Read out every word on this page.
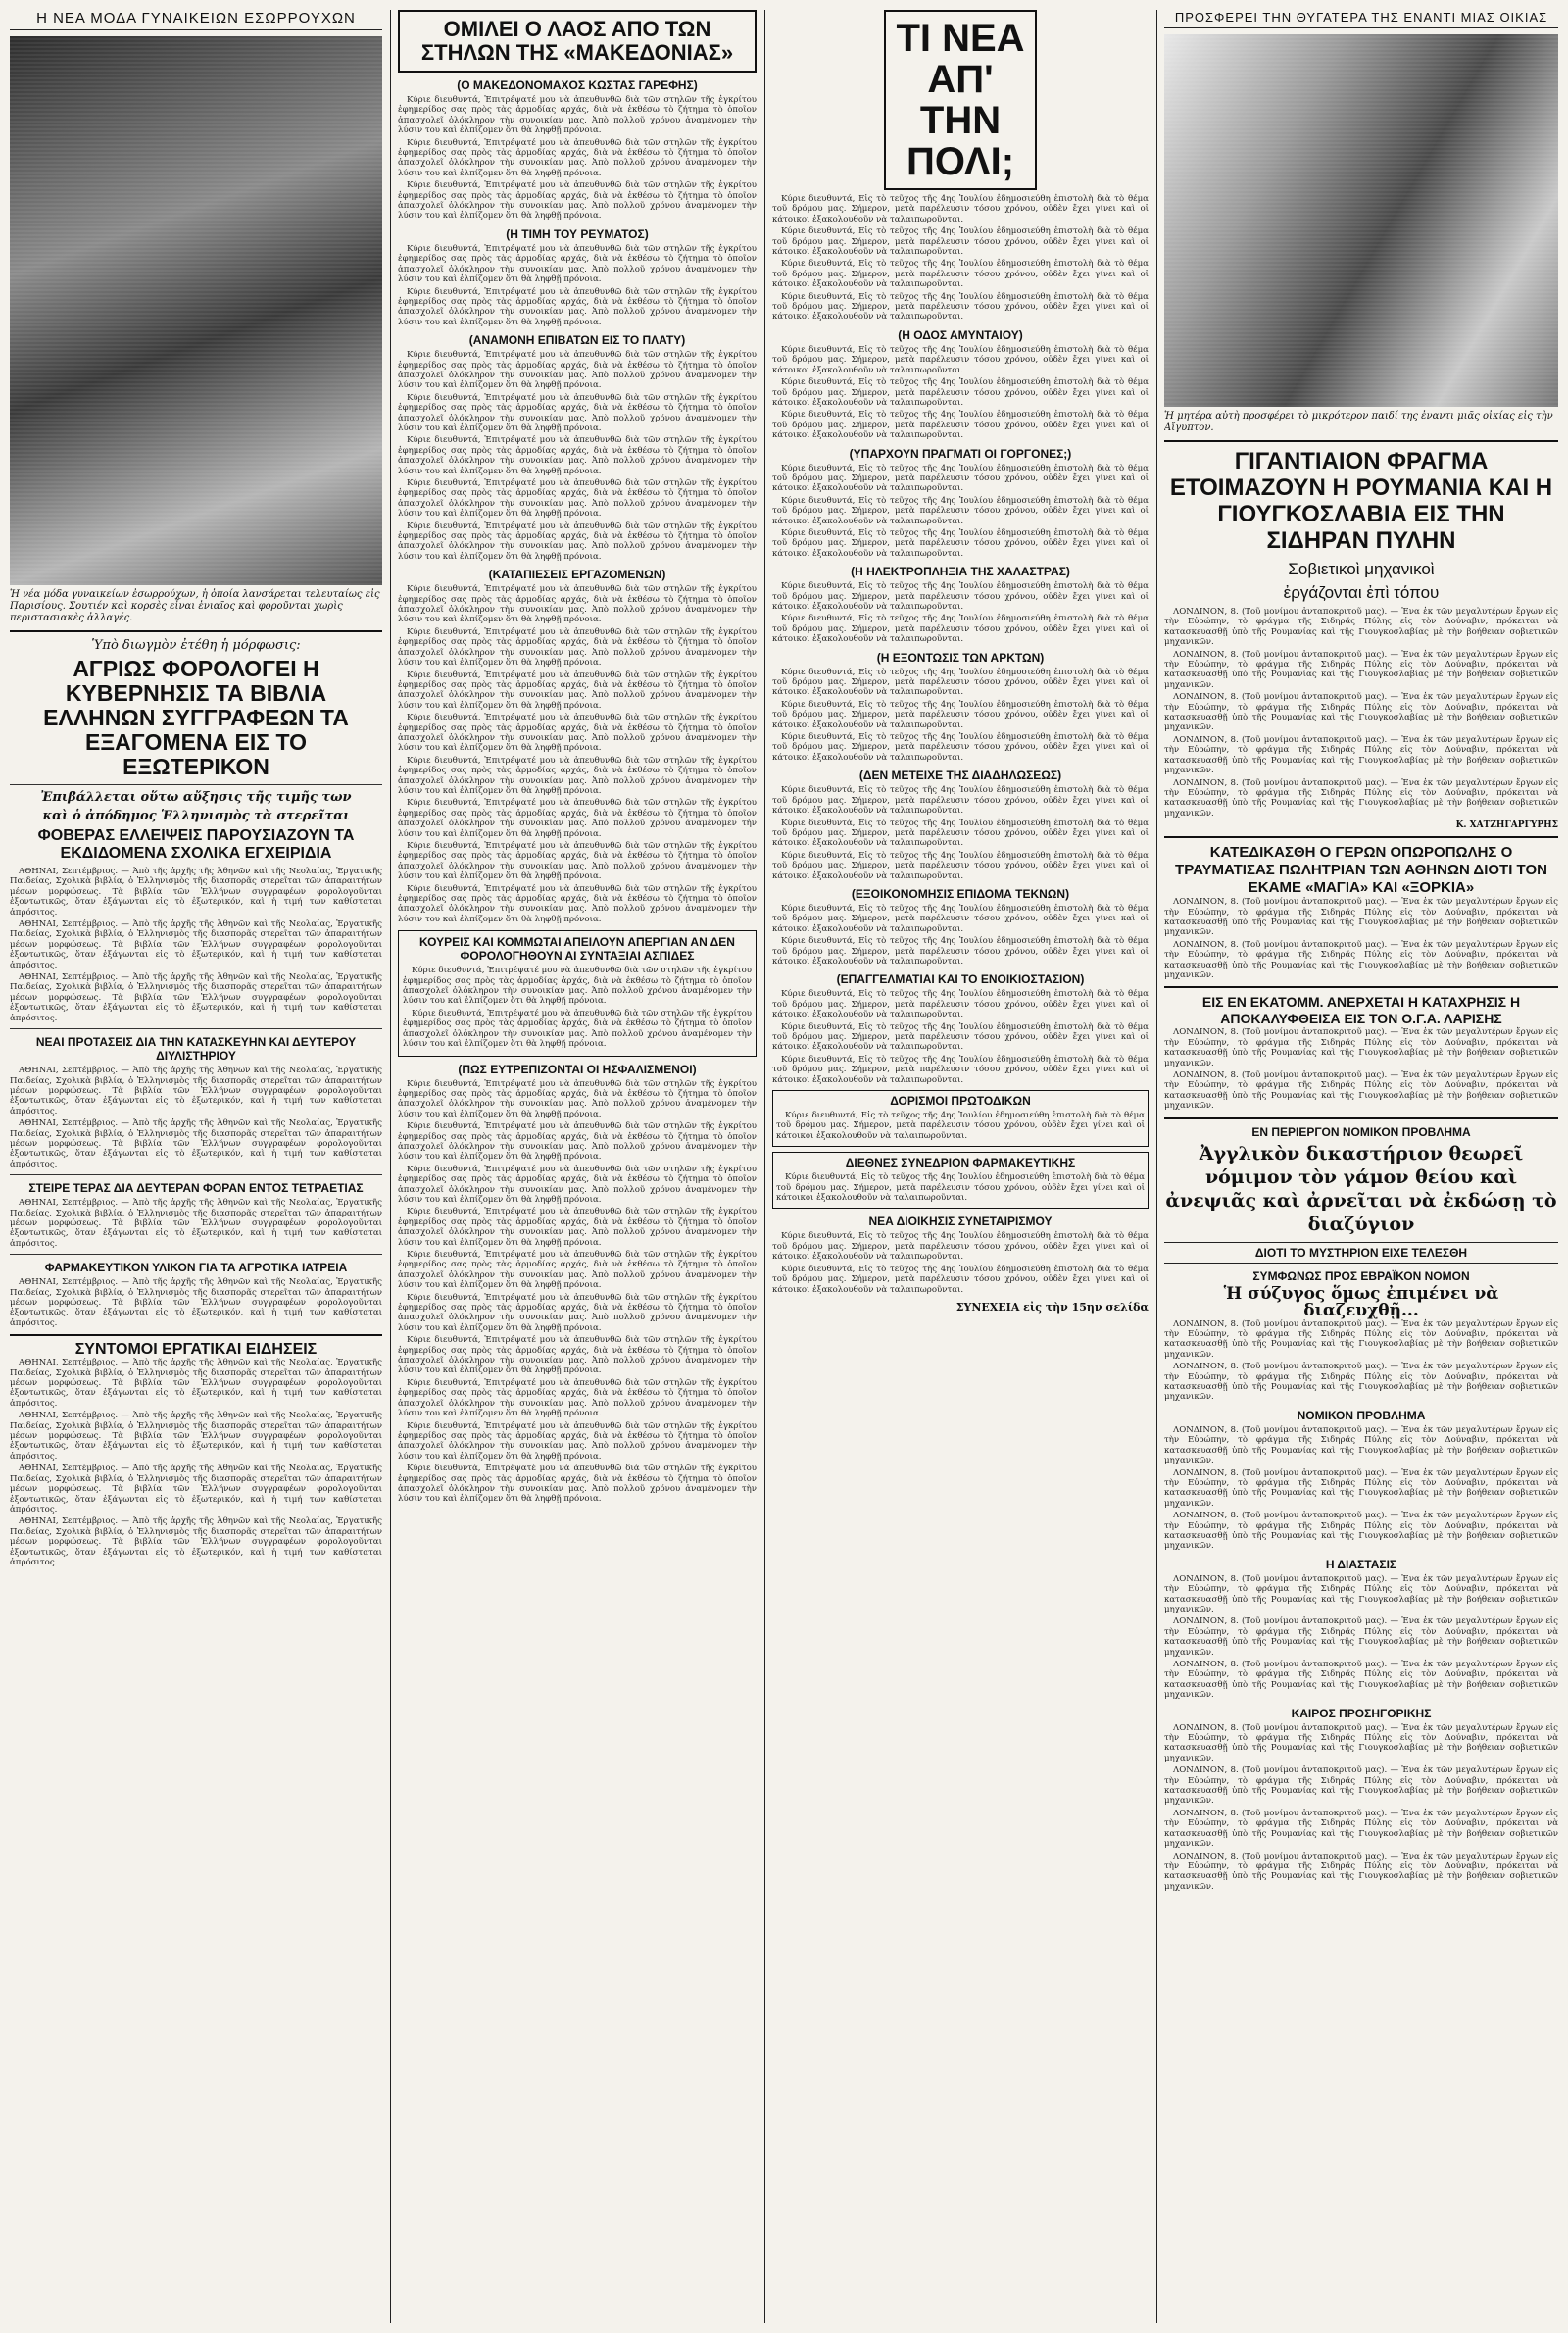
Η ΝΕΑ ΜΟΔΑ ΓΥΝΑΙΚΕΙΩΝ ΕΣΩΡΡΟΥΧΩΝ
Ἡ νέα μόδα γυναικείων ἐσωρρούχων, ἡ ὁποία λανσάρεται τελευταίως εἰς Παρισίους. Σουτιέν καὶ κορσὲς εἶναι ἑνιαῖος καὶ φοροῦνται χωρὶς περιστασιακὲς ἀλλαγές.
Ὑπὸ διωγμὸν ἐτέθη ἡ μόρφωσις:
ΑΓΡΙΩΣ ΦΟΡΟΛΟΓΕΙ Η ΚΥΒΕΡΝΗΣΙΣ ΤΑ ΒΙΒΛΙΑ ΕΛΛΗΝΩΝ ΣΥΓΓΡΑΦΕΩΝ ΤΑ ΕΞΑΓΟΜΕΝΑ ΕΙΣ ΤΟ ΕΞΩΤΕΡΙΚΟΝ
Ἐπιβάλλεται οὕτω αὔξησις τῆς τιμῆς των
καὶ ὁ ἀπόδημος Ἑλληνισμὸς τὰ στερεῖται
ΦΟΒΕΡΑΣ ΕΛΛΕΙΨΕΙΣ ΠΑΡΟΥΣΙΑΖΟΥΝ ΤΑ ΕΚΔΙΔΟΜΕΝΑ ΣΧΟΛΙΚΑ ΕΓΧΕΙΡΙΔΙΑ

ΑΘΗΝΑΙ, Σεπτέμβριος. — Ἀπὸ τῆς ἀρχῆς τῆς Ἀθηνῶν καὶ τῆς Νεολαίας, Ἐργατικῆς Παιδείας, Σχολικὰ βιβλία, ὁ Ἑλληνισμὸς τῆς διασπορᾶς στερεῖται τῶν ἀπαραιτήτων μέσων μορφώσεως. Τὰ βιβλία τῶν Ἑλλήνων συγγραφέων φορολογοῦνται ἐξοντωτικῶς, ὅταν ἐξάγωνται εἰς τὸ ἐξωτερικόν, καὶ ἡ τιμή των καθίσταται ἀπρόσιτος.

ΑΘΗΝΑΙ, Σεπτέμβριος. — Ἀπὸ τῆς ἀρχῆς τῆς Ἀθηνῶν καὶ τῆς Νεολαίας, Ἐργατικῆς Παιδείας, Σχολικὰ βιβλία, ὁ Ἑλληνισμὸς τῆς διασπορᾶς στερεῖται τῶν ἀπαραιτήτων μέσων μορφώσεως. Τὰ βιβλία τῶν Ἑλλήνων συγγραφέων φορολογοῦνται ἐξοντωτικῶς, ὅταν ἐξάγωνται εἰς τὸ ἐξωτερικόν, καὶ ἡ τιμή των καθίσταται ἀπρόσιτος.

ΑΘΗΝΑΙ, Σεπτέμβριος. — Ἀπὸ τῆς ἀρχῆς τῆς Ἀθηνῶν καὶ τῆς Νεολαίας, Ἐργατικῆς Παιδείας, Σχολικὰ βιβλία, ὁ Ἑλληνισμὸς τῆς διασπορᾶς στερεῖται τῶν ἀπαραιτήτων μέσων μορφώσεως. Τὰ βιβλία τῶν Ἑλλήνων συγγραφέων φορολογοῦνται ἐξοντωτικῶς, ὅταν ἐξάγωνται εἰς τὸ ἐξωτερικόν, καὶ ἡ τιμή των καθίσταται ἀπρόσιτος.

ΝΕΑΙ ΠΡΟΤΑΣΕΙΣ ΔΙΑ ΤΗΝ ΚΑΤΑΣΚΕΥΗΝ ΚΑΙ ΔΕΥΤΕΡΟΥ ΔΙΥΛΙΣΤΗΡΙΟΥ

ΑΘΗΝΑΙ, Σεπτέμβριος. — Ἀπὸ τῆς ἀρχῆς τῆς Ἀθηνῶν καὶ τῆς Νεολαίας, Ἐργατικῆς Παιδείας, Σχολικὰ βιβλία, ὁ Ἑλληνισμὸς τῆς διασπορᾶς στερεῖται τῶν ἀπαραιτήτων μέσων μορφώσεως. Τὰ βιβλία τῶν Ἑλλήνων συγγραφέων φορολογοῦνται ἐξοντωτικῶς, ὅταν ἐξάγωνται εἰς τὸ ἐξωτερικόν, καὶ ἡ τιμή των καθίσταται ἀπρόσιτος.

ΑΘΗΝΑΙ, Σεπτέμβριος. — Ἀπὸ τῆς ἀρχῆς τῆς Ἀθηνῶν καὶ τῆς Νεολαίας, Ἐργατικῆς Παιδείας, Σχολικὰ βιβλία, ὁ Ἑλληνισμὸς τῆς διασπορᾶς στερεῖται τῶν ἀπαραιτήτων μέσων μορφώσεως. Τὰ βιβλία τῶν Ἑλλήνων συγγραφέων φορολογοῦνται ἐξοντωτικῶς, ὅταν ἐξάγωνται εἰς τὸ ἐξωτερικόν, καὶ ἡ τιμή των καθίσταται ἀπρόσιτος.

ΣΤΕΙΡΕ ΤΕΡΑΣ ΔΙΑ ΔΕΥΤΕΡΑΝ ΦΟΡΑΝ ΕΝΤΟΣ ΤΕΤΡΑΕΤΙΑΣ

ΑΘΗΝΑΙ, Σεπτέμβριος. — Ἀπὸ τῆς ἀρχῆς τῆς Ἀθηνῶν καὶ τῆς Νεολαίας, Ἐργατικῆς Παιδείας, Σχολικὰ βιβλία, ὁ Ἑλληνισμὸς τῆς διασπορᾶς στερεῖται τῶν ἀπαραιτήτων μέσων μορφώσεως. Τὰ βιβλία τῶν Ἑλλήνων συγγραφέων φορολογοῦνται ἐξοντωτικῶς, ὅταν ἐξάγωνται εἰς τὸ ἐξωτερικόν, καὶ ἡ τιμή των καθίσταται ἀπρόσιτος.

ΦΑΡΜΑΚΕΥΤΙΚΟΝ ΥΛΙΚΟΝ ΓΙΑ ΤΑ ΑΓΡΟΤΙΚΑ ΙΑΤΡΕΙΑ

ΑΘΗΝΑΙ, Σεπτέμβριος. — Ἀπὸ τῆς ἀρχῆς τῆς Ἀθηνῶν καὶ τῆς Νεολαίας, Ἐργατικῆς Παιδείας, Σχολικὰ βιβλία, ὁ Ἑλληνισμὸς τῆς διασπορᾶς στερεῖται τῶν ἀπαραιτήτων μέσων μορφώσεως. Τὰ βιβλία τῶν Ἑλλήνων συγγραφέων φορολογοῦνται ἐξοντωτικῶς, ὅταν ἐξάγωνται εἰς τὸ ἐξωτερικόν, καὶ ἡ τιμή των καθίσταται ἀπρόσιτος.

ΣΥΝΤΟΜΟΙ ΕΡΓΑΤΙΚΑΙ ΕΙΔΗΣΕΙΣ

ΑΘΗΝΑΙ, Σεπτέμβριος. — Ἀπὸ τῆς ἀρχῆς τῆς Ἀθηνῶν καὶ τῆς Νεολαίας, Ἐργατικῆς Παιδείας, Σχολικὰ βιβλία, ὁ Ἑλληνισμὸς τῆς διασπορᾶς στερεῖται τῶν ἀπαραιτήτων μέσων μορφώσεως. Τὰ βιβλία τῶν Ἑλλήνων συγγραφέων φορολογοῦνται ἐξοντωτικῶς, ὅταν ἐξάγωνται εἰς τὸ ἐξωτερικόν, καὶ ἡ τιμή των καθίσταται ἀπρόσιτος.

ΑΘΗΝΑΙ, Σεπτέμβριος. — Ἀπὸ τῆς ἀρχῆς τῆς Ἀθηνῶν καὶ τῆς Νεολαίας, Ἐργατικῆς Παιδείας, Σχολικὰ βιβλία, ὁ Ἑλληνισμὸς τῆς διασπορᾶς στερεῖται τῶν ἀπαραιτήτων μέσων μορφώσεως. Τὰ βιβλία τῶν Ἑλλήνων συγγραφέων φορολογοῦνται ἐξοντωτικῶς, ὅταν ἐξάγωνται εἰς τὸ ἐξωτερικόν, καὶ ἡ τιμή των καθίσταται ἀπρόσιτος.

ΑΘΗΝΑΙ, Σεπτέμβριος. — Ἀπὸ τῆς ἀρχῆς τῆς Ἀθηνῶν καὶ τῆς Νεολαίας, Ἐργατικῆς Παιδείας, Σχολικὰ βιβλία, ὁ Ἑλληνισμὸς τῆς διασπορᾶς στερεῖται τῶν ἀπαραιτήτων μέσων μορφώσεως. Τὰ βιβλία τῶν Ἑλλήνων συγγραφέων φορολογοῦνται ἐξοντωτικῶς, ὅταν ἐξάγωνται εἰς τὸ ἐξωτερικόν, καὶ ἡ τιμή των καθίσταται ἀπρόσιτος.

ΑΘΗΝΑΙ, Σεπτέμβριος. — Ἀπὸ τῆς ἀρχῆς τῆς Ἀθηνῶν καὶ τῆς Νεολαίας, Ἐργατικῆς Παιδείας, Σχολικὰ βιβλία, ὁ Ἑλληνισμὸς τῆς διασπορᾶς στερεῖται τῶν ἀπαραιτήτων μέσων μορφώσεως. Τὰ βιβλία τῶν Ἑλλήνων συγγραφέων φορολογοῦνται ἐξοντωτικῶς, ὅταν ἐξάγωνται εἰς τὸ ἐξωτερικόν, καὶ ἡ τιμή των καθίσταται ἀπρόσιτος.

ΟΜΙΛΕΙ Ο ΛΑΟΣ ΑΠΟ ΤΩΝ ΣΤΗΛΩΝ ΤΗΣ «ΜΑΚΕΔΟΝΙΑΣ»
(Ο ΜΑΚΕΔΟΝΟΜΑΧΟΣ ΚΩΣΤΑΣ ΓΑΡΕΦΗΣ)

Κύριε διευθυντά, Ἐπιτρέψατέ μου νὰ ἀπευθυνθῶ διὰ τῶν στηλῶν τῆς ἐγκρίτου ἐφημερίδος σας πρὸς τὰς ἁρμοδίας ἀρχάς, διὰ νὰ ἐκθέσω τὸ ζήτημα τὸ ὁποῖον ἀπασχολεῖ ὁλόκληρον τὴν συνοικίαν μας. Ἀπὸ πολλοῦ χρόνου ἀναμένομεν τὴν λύσιν του καὶ ἐλπίζομεν ὅτι θὰ ληφθῇ πρόνοια.

Κύριε διευθυντά, Ἐπιτρέψατέ μου νὰ ἀπευθυνθῶ διὰ τῶν στηλῶν τῆς ἐγκρίτου ἐφημερίδος σας πρὸς τὰς ἁρμοδίας ἀρχάς, διὰ νὰ ἐκθέσω τὸ ζήτημα τὸ ὁποῖον ἀπασχολεῖ ὁλόκληρον τὴν συνοικίαν μας. Ἀπὸ πολλοῦ χρόνου ἀναμένομεν τὴν λύσιν του καὶ ἐλπίζομεν ὅτι θὰ ληφθῇ πρόνοια.

Κύριε διευθυντά, Ἐπιτρέψατέ μου νὰ ἀπευθυνθῶ διὰ τῶν στηλῶν τῆς ἐγκρίτου ἐφημερίδος σας πρὸς τὰς ἁρμοδίας ἀρχάς, διὰ νὰ ἐκθέσω τὸ ζήτημα τὸ ὁποῖον ἀπασχολεῖ ὁλόκληρον τὴν συνοικίαν μας. Ἀπὸ πολλοῦ χρόνου ἀναμένομεν τὴν λύσιν του καὶ ἐλπίζομεν ὅτι θὰ ληφθῇ πρόνοια.

(Η ΤΙΜΗ ΤΟΥ ΡΕΥΜΑΤΟΣ)

Κύριε διευθυντά, Ἐπιτρέψατέ μου νὰ ἀπευθυνθῶ διὰ τῶν στηλῶν τῆς ἐγκρίτου ἐφημερίδος σας πρὸς τὰς ἁρμοδίας ἀρχάς, διὰ νὰ ἐκθέσω τὸ ζήτημα τὸ ὁποῖον ἀπασχολεῖ ὁλόκληρον τὴν συνοικίαν μας. Ἀπὸ πολλοῦ χρόνου ἀναμένομεν τὴν λύσιν του καὶ ἐλπίζομεν ὅτι θὰ ληφθῇ πρόνοια.

Κύριε διευθυντά, Ἐπιτρέψατέ μου νὰ ἀπευθυνθῶ διὰ τῶν στηλῶν τῆς ἐγκρίτου ἐφημερίδος σας πρὸς τὰς ἁρμοδίας ἀρχάς, διὰ νὰ ἐκθέσω τὸ ζήτημα τὸ ὁποῖον ἀπασχολεῖ ὁλόκληρον τὴν συνοικίαν μας. Ἀπὸ πολλοῦ χρόνου ἀναμένομεν τὴν λύσιν του καὶ ἐλπίζομεν ὅτι θὰ ληφθῇ πρόνοια.

(ΑΝΑΜΟΝΗ ΕΠΙΒΑΤΩΝ ΕΙΣ ΤΟ ΠΛΑΤΥ)

Κύριε διευθυντά, Ἐπιτρέψατέ μου νὰ ἀπευθυνθῶ διὰ τῶν στηλῶν τῆς ἐγκρίτου ἐφημερίδος σας πρὸς τὰς ἁρμοδίας ἀρχάς, διὰ νὰ ἐκθέσω τὸ ζήτημα τὸ ὁποῖον ἀπασχολεῖ ὁλόκληρον τὴν συνοικίαν μας. Ἀπὸ πολλοῦ χρόνου ἀναμένομεν τὴν λύσιν του καὶ ἐλπίζομεν ὅτι θὰ ληφθῇ πρόνοια.

Κύριε διευθυντά, Ἐπιτρέψατέ μου νὰ ἀπευθυνθῶ διὰ τῶν στηλῶν τῆς ἐγκρίτου ἐφημερίδος σας πρὸς τὰς ἁρμοδίας ἀρχάς, διὰ νὰ ἐκθέσω τὸ ζήτημα τὸ ὁποῖον ἀπασχολεῖ ὁλόκληρον τὴν συνοικίαν μας. Ἀπὸ πολλοῦ χρόνου ἀναμένομεν τὴν λύσιν του καὶ ἐλπίζομεν ὅτι θὰ ληφθῇ πρόνοια.

Κύριε διευθυντά, Ἐπιτρέψατέ μου νὰ ἀπευθυνθῶ διὰ τῶν στηλῶν τῆς ἐγκρίτου ἐφημερίδος σας πρὸς τὰς ἁρμοδίας ἀρχάς, διὰ νὰ ἐκθέσω τὸ ζήτημα τὸ ὁποῖον ἀπασχολεῖ ὁλόκληρον τὴν συνοικίαν μας. Ἀπὸ πολλοῦ χρόνου ἀναμένομεν τὴν λύσιν του καὶ ἐλπίζομεν ὅτι θὰ ληφθῇ πρόνοια.

Κύριε διευθυντά, Ἐπιτρέψατέ μου νὰ ἀπευθυνθῶ διὰ τῶν στηλῶν τῆς ἐγκρίτου ἐφημερίδος σας πρὸς τὰς ἁρμοδίας ἀρχάς, διὰ νὰ ἐκθέσω τὸ ζήτημα τὸ ὁποῖον ἀπασχολεῖ ὁλόκληρον τὴν συνοικίαν μας. Ἀπὸ πολλοῦ χρόνου ἀναμένομεν τὴν λύσιν του καὶ ἐλπίζομεν ὅτι θὰ ληφθῇ πρόνοια.

Κύριε διευθυντά, Ἐπιτρέψατέ μου νὰ ἀπευθυνθῶ διὰ τῶν στηλῶν τῆς ἐγκρίτου ἐφημερίδος σας πρὸς τὰς ἁρμοδίας ἀρχάς, διὰ νὰ ἐκθέσω τὸ ζήτημα τὸ ὁποῖον ἀπασχολεῖ ὁλόκληρον τὴν συνοικίαν μας. Ἀπὸ πολλοῦ χρόνου ἀναμένομεν τὴν λύσιν του καὶ ἐλπίζομεν ὅτι θὰ ληφθῇ πρόνοια.

(ΚΑΤΑΠΙΕΣΕΙΣ ΕΡΓΑΖΟΜΕΝΩΝ)

Κύριε διευθυντά, Ἐπιτρέψατέ μου νὰ ἀπευθυνθῶ διὰ τῶν στηλῶν τῆς ἐγκρίτου ἐφημερίδος σας πρὸς τὰς ἁρμοδίας ἀρχάς, διὰ νὰ ἐκθέσω τὸ ζήτημα τὸ ὁποῖον ἀπασχολεῖ ὁλόκληρον τὴν συνοικίαν μας. Ἀπὸ πολλοῦ χρόνου ἀναμένομεν τὴν λύσιν του καὶ ἐλπίζομεν ὅτι θὰ ληφθῇ πρόνοια.

Κύριε διευθυντά, Ἐπιτρέψατέ μου νὰ ἀπευθυνθῶ διὰ τῶν στηλῶν τῆς ἐγκρίτου ἐφημερίδος σας πρὸς τὰς ἁρμοδίας ἀρχάς, διὰ νὰ ἐκθέσω τὸ ζήτημα τὸ ὁποῖον ἀπασχολεῖ ὁλόκληρον τὴν συνοικίαν μας. Ἀπὸ πολλοῦ χρόνου ἀναμένομεν τὴν λύσιν του καὶ ἐλπίζομεν ὅτι θὰ ληφθῇ πρόνοια.

Κύριε διευθυντά, Ἐπιτρέψατέ μου νὰ ἀπευθυνθῶ διὰ τῶν στηλῶν τῆς ἐγκρίτου ἐφημερίδος σας πρὸς τὰς ἁρμοδίας ἀρχάς, διὰ νὰ ἐκθέσω τὸ ζήτημα τὸ ὁποῖον ἀπασχολεῖ ὁλόκληρον τὴν συνοικίαν μας. Ἀπὸ πολλοῦ χρόνου ἀναμένομεν τὴν λύσιν του καὶ ἐλπίζομεν ὅτι θὰ ληφθῇ πρόνοια.

Κύριε διευθυντά, Ἐπιτρέψατέ μου νὰ ἀπευθυνθῶ διὰ τῶν στηλῶν τῆς ἐγκρίτου ἐφημερίδος σας πρὸς τὰς ἁρμοδίας ἀρχάς, διὰ νὰ ἐκθέσω τὸ ζήτημα τὸ ὁποῖον ἀπασχολεῖ ὁλόκληρον τὴν συνοικίαν μας. Ἀπὸ πολλοῦ χρόνου ἀναμένομεν τὴν λύσιν του καὶ ἐλπίζομεν ὅτι θὰ ληφθῇ πρόνοια.

Κύριε διευθυντά, Ἐπιτρέψατέ μου νὰ ἀπευθυνθῶ διὰ τῶν στηλῶν τῆς ἐγκρίτου ἐφημερίδος σας πρὸς τὰς ἁρμοδίας ἀρχάς, διὰ νὰ ἐκθέσω τὸ ζήτημα τὸ ὁποῖον ἀπασχολεῖ ὁλόκληρον τὴν συνοικίαν μας. Ἀπὸ πολλοῦ χρόνου ἀναμένομεν τὴν λύσιν του καὶ ἐλπίζομεν ὅτι θὰ ληφθῇ πρόνοια.

Κύριε διευθυντά, Ἐπιτρέψατέ μου νὰ ἀπευθυνθῶ διὰ τῶν στηλῶν τῆς ἐγκρίτου ἐφημερίδος σας πρὸς τὰς ἁρμοδίας ἀρχάς, διὰ νὰ ἐκθέσω τὸ ζήτημα τὸ ὁποῖον ἀπασχολεῖ ὁλόκληρον τὴν συνοικίαν μας. Ἀπὸ πολλοῦ χρόνου ἀναμένομεν τὴν λύσιν του καὶ ἐλπίζομεν ὅτι θὰ ληφθῇ πρόνοια.

Κύριε διευθυντά, Ἐπιτρέψατέ μου νὰ ἀπευθυνθῶ διὰ τῶν στηλῶν τῆς ἐγκρίτου ἐφημερίδος σας πρὸς τὰς ἁρμοδίας ἀρχάς, διὰ νὰ ἐκθέσω τὸ ζήτημα τὸ ὁποῖον ἀπασχολεῖ ὁλόκληρον τὴν συνοικίαν μας. Ἀπὸ πολλοῦ χρόνου ἀναμένομεν τὴν λύσιν του καὶ ἐλπίζομεν ὅτι θὰ ληφθῇ πρόνοια.

Κύριε διευθυντά, Ἐπιτρέψατέ μου νὰ ἀπευθυνθῶ διὰ τῶν στηλῶν τῆς ἐγκρίτου ἐφημερίδος σας πρὸς τὰς ἁρμοδίας ἀρχάς, διὰ νὰ ἐκθέσω τὸ ζήτημα τὸ ὁποῖον ἀπασχολεῖ ὁλόκληρον τὴν συνοικίαν μας. Ἀπὸ πολλοῦ χρόνου ἀναμένομεν τὴν λύσιν του καὶ ἐλπίζομεν ὅτι θὰ ληφθῇ πρόνοια.

ΚΟΥΡΕΙΣ ΚΑΙ ΚΟΜΜΩΤΑΙ ΑΠΕΙΛΟΥΝ ΑΠΕΡΓΙΑΝ ΑΝ ΔΕΝ ΦΟΡΟΛΟΓΗΘΟΥΝ ΑΙ ΣΥΝΤΑΞΙΑΙ ΑΣΠΙΔΕΣ

Κύριε διευθυντά, Ἐπιτρέψατέ μου νὰ ἀπευθυνθῶ διὰ τῶν στηλῶν τῆς ἐγκρίτου ἐφημερίδος σας πρὸς τὰς ἁρμοδίας ἀρχάς, διὰ νὰ ἐκθέσω τὸ ζήτημα τὸ ὁποῖον ἀπασχολεῖ ὁλόκληρον τὴν συνοικίαν μας. Ἀπὸ πολλοῦ χρόνου ἀναμένομεν τὴν λύσιν του καὶ ἐλπίζομεν ὅτι θὰ ληφθῇ πρόνοια.

Κύριε διευθυντά, Ἐπιτρέψατέ μου νὰ ἀπευθυνθῶ διὰ τῶν στηλῶν τῆς ἐγκρίτου ἐφημερίδος σας πρὸς τὰς ἁρμοδίας ἀρχάς, διὰ νὰ ἐκθέσω τὸ ζήτημα τὸ ὁποῖον ἀπασχολεῖ ὁλόκληρον τὴν συνοικίαν μας. Ἀπὸ πολλοῦ χρόνου ἀναμένομεν τὴν λύσιν του καὶ ἐλπίζομεν ὅτι θὰ ληφθῇ πρόνοια.

(ΠΩΣ ΕΥΤΡΕΠΙΖΟΝΤΑΙ ΟΙ ΗΣΦΑΛΙΣΜΕΝΟΙ)

Κύριε διευθυντά, Ἐπιτρέψατέ μου νὰ ἀπευθυνθῶ διὰ τῶν στηλῶν τῆς ἐγκρίτου ἐφημερίδος σας πρὸς τὰς ἁρμοδίας ἀρχάς, διὰ νὰ ἐκθέσω τὸ ζήτημα τὸ ὁποῖον ἀπασχολεῖ ὁλόκληρον τὴν συνοικίαν μας. Ἀπὸ πολλοῦ χρόνου ἀναμένομεν τὴν λύσιν του καὶ ἐλπίζομεν ὅτι θὰ ληφθῇ πρόνοια.

Κύριε διευθυντά, Ἐπιτρέψατέ μου νὰ ἀπευθυνθῶ διὰ τῶν στηλῶν τῆς ἐγκρίτου ἐφημερίδος σας πρὸς τὰς ἁρμοδίας ἀρχάς, διὰ νὰ ἐκθέσω τὸ ζήτημα τὸ ὁποῖον ἀπασχολεῖ ὁλόκληρον τὴν συνοικίαν μας. Ἀπὸ πολλοῦ χρόνου ἀναμένομεν τὴν λύσιν του καὶ ἐλπίζομεν ὅτι θὰ ληφθῇ πρόνοια.

Κύριε διευθυντά, Ἐπιτρέψατέ μου νὰ ἀπευθυνθῶ διὰ τῶν στηλῶν τῆς ἐγκρίτου ἐφημερίδος σας πρὸς τὰς ἁρμοδίας ἀρχάς, διὰ νὰ ἐκθέσω τὸ ζήτημα τὸ ὁποῖον ἀπασχολεῖ ὁλόκληρον τὴν συνοικίαν μας. Ἀπὸ πολλοῦ χρόνου ἀναμένομεν τὴν λύσιν του καὶ ἐλπίζομεν ὅτι θὰ ληφθῇ πρόνοια.

Κύριε διευθυντά, Ἐπιτρέψατέ μου νὰ ἀπευθυνθῶ διὰ τῶν στηλῶν τῆς ἐγκρίτου ἐφημερίδος σας πρὸς τὰς ἁρμοδίας ἀρχάς, διὰ νὰ ἐκθέσω τὸ ζήτημα τὸ ὁποῖον ἀπασχολεῖ ὁλόκληρον τὴν συνοικίαν μας. Ἀπὸ πολλοῦ χρόνου ἀναμένομεν τὴν λύσιν του καὶ ἐλπίζομεν ὅτι θὰ ληφθῇ πρόνοια.

Κύριε διευθυντά, Ἐπιτρέψατέ μου νὰ ἀπευθυνθῶ διὰ τῶν στηλῶν τῆς ἐγκρίτου ἐφημερίδος σας πρὸς τὰς ἁρμοδίας ἀρχάς, διὰ νὰ ἐκθέσω τὸ ζήτημα τὸ ὁποῖον ἀπασχολεῖ ὁλόκληρον τὴν συνοικίαν μας. Ἀπὸ πολλοῦ χρόνου ἀναμένομεν τὴν λύσιν του καὶ ἐλπίζομεν ὅτι θὰ ληφθῇ πρόνοια.

Κύριε διευθυντά, Ἐπιτρέψατέ μου νὰ ἀπευθυνθῶ διὰ τῶν στηλῶν τῆς ἐγκρίτου ἐφημερίδος σας πρὸς τὰς ἁρμοδίας ἀρχάς, διὰ νὰ ἐκθέσω τὸ ζήτημα τὸ ὁποῖον ἀπασχολεῖ ὁλόκληρον τὴν συνοικίαν μας. Ἀπὸ πολλοῦ χρόνου ἀναμένομεν τὴν λύσιν του καὶ ἐλπίζομεν ὅτι θὰ ληφθῇ πρόνοια.

Κύριε διευθυντά, Ἐπιτρέψατέ μου νὰ ἀπευθυνθῶ διὰ τῶν στηλῶν τῆς ἐγκρίτου ἐφημερίδος σας πρὸς τὰς ἁρμοδίας ἀρχάς, διὰ νὰ ἐκθέσω τὸ ζήτημα τὸ ὁποῖον ἀπασχολεῖ ὁλόκληρον τὴν συνοικίαν μας. Ἀπὸ πολλοῦ χρόνου ἀναμένομεν τὴν λύσιν του καὶ ἐλπίζομεν ὅτι θὰ ληφθῇ πρόνοια.

Κύριε διευθυντά, Ἐπιτρέψατέ μου νὰ ἀπευθυνθῶ διὰ τῶν στηλῶν τῆς ἐγκρίτου ἐφημερίδος σας πρὸς τὰς ἁρμοδίας ἀρχάς, διὰ νὰ ἐκθέσω τὸ ζήτημα τὸ ὁποῖον ἀπασχολεῖ ὁλόκληρον τὴν συνοικίαν μας. Ἀπὸ πολλοῦ χρόνου ἀναμένομεν τὴν λύσιν του καὶ ἐλπίζομεν ὅτι θὰ ληφθῇ πρόνοια.

Κύριε διευθυντά, Ἐπιτρέψατέ μου νὰ ἀπευθυνθῶ διὰ τῶν στηλῶν τῆς ἐγκρίτου ἐφημερίδος σας πρὸς τὰς ἁρμοδίας ἀρχάς, διὰ νὰ ἐκθέσω τὸ ζήτημα τὸ ὁποῖον ἀπασχολεῖ ὁλόκληρον τὴν συνοικίαν μας. Ἀπὸ πολλοῦ χρόνου ἀναμένομεν τὴν λύσιν του καὶ ἐλπίζομεν ὅτι θὰ ληφθῇ πρόνοια.

Κύριε διευθυντά, Ἐπιτρέψατέ μου νὰ ἀπευθυνθῶ διὰ τῶν στηλῶν τῆς ἐγκρίτου ἐφημερίδος σας πρὸς τὰς ἁρμοδίας ἀρχάς, διὰ νὰ ἐκθέσω τὸ ζήτημα τὸ ὁποῖον ἀπασχολεῖ ὁλόκληρον τὴν συνοικίαν μας. Ἀπὸ πολλοῦ χρόνου ἀναμένομεν τὴν λύσιν του καὶ ἐλπίζομεν ὅτι θὰ ληφθῇ πρόνοια.

ΤΙ ΝΕΑ ΑΠ' ΤΗΝ ΠΟΛΙ;

Κύριε διευθυντά, Εἰς τὸ τεῦχος τῆς 4ης Ἰουλίου ἐδημοσιεύθη ἐπιστολὴ διὰ τὸ θέμα τοῦ δρόμου μας. Σήμερον, μετὰ παρέλευσιν τόσου χρόνου, οὐδὲν ἔχει γίνει καὶ οἱ κάτοικοι ἐξακολουθοῦν νὰ ταλαιπωροῦνται.

Κύριε διευθυντά, Εἰς τὸ τεῦχος τῆς 4ης Ἰουλίου ἐδημοσιεύθη ἐπιστολὴ διὰ τὸ θέμα τοῦ δρόμου μας. Σήμερον, μετὰ παρέλευσιν τόσου χρόνου, οὐδὲν ἔχει γίνει καὶ οἱ κάτοικοι ἐξακολουθοῦν νὰ ταλαιπωροῦνται.

Κύριε διευθυντά, Εἰς τὸ τεῦχος τῆς 4ης Ἰουλίου ἐδημοσιεύθη ἐπιστολὴ διὰ τὸ θέμα τοῦ δρόμου μας. Σήμερον, μετὰ παρέλευσιν τόσου χρόνου, οὐδὲν ἔχει γίνει καὶ οἱ κάτοικοι ἐξακολουθοῦν νὰ ταλαιπωροῦνται.

Κύριε διευθυντά, Εἰς τὸ τεῦχος τῆς 4ης Ἰουλίου ἐδημοσιεύθη ἐπιστολὴ διὰ τὸ θέμα τοῦ δρόμου μας. Σήμερον, μετὰ παρέλευσιν τόσου χρόνου, οὐδὲν ἔχει γίνει καὶ οἱ κάτοικοι ἐξακολουθοῦν νὰ ταλαιπωροῦνται.

(Η ΟΔΟΣ ΑΜΥΝΤΑΙΟΥ)

Κύριε διευθυντά, Εἰς τὸ τεῦχος τῆς 4ης Ἰουλίου ἐδημοσιεύθη ἐπιστολὴ διὰ τὸ θέμα τοῦ δρόμου μας. Σήμερον, μετὰ παρέλευσιν τόσου χρόνου, οὐδὲν ἔχει γίνει καὶ οἱ κάτοικοι ἐξακολουθοῦν νὰ ταλαιπωροῦνται.

Κύριε διευθυντά, Εἰς τὸ τεῦχος τῆς 4ης Ἰουλίου ἐδημοσιεύθη ἐπιστολὴ διὰ τὸ θέμα τοῦ δρόμου μας. Σήμερον, μετὰ παρέλευσιν τόσου χρόνου, οὐδὲν ἔχει γίνει καὶ οἱ κάτοικοι ἐξακολουθοῦν νὰ ταλαιπωροῦνται.

Κύριε διευθυντά, Εἰς τὸ τεῦχος τῆς 4ης Ἰουλίου ἐδημοσιεύθη ἐπιστολὴ διὰ τὸ θέμα τοῦ δρόμου μας. Σήμερον, μετὰ παρέλευσιν τόσου χρόνου, οὐδὲν ἔχει γίνει καὶ οἱ κάτοικοι ἐξακολουθοῦν νὰ ταλαιπωροῦνται.

(ΥΠΑΡΧΟΥΝ ΠΡΑΓΜΑΤΙ ΟΙ ΓΟΡΓΟΝΕΣ;)

Κύριε διευθυντά, Εἰς τὸ τεῦχος τῆς 4ης Ἰουλίου ἐδημοσιεύθη ἐπιστολὴ διὰ τὸ θέμα τοῦ δρόμου μας. Σήμερον, μετὰ παρέλευσιν τόσου χρόνου, οὐδὲν ἔχει γίνει καὶ οἱ κάτοικοι ἐξακολουθοῦν νὰ ταλαιπωροῦνται.

Κύριε διευθυντά, Εἰς τὸ τεῦχος τῆς 4ης Ἰουλίου ἐδημοσιεύθη ἐπιστολὴ διὰ τὸ θέμα τοῦ δρόμου μας. Σήμερον, μετὰ παρέλευσιν τόσου χρόνου, οὐδὲν ἔχει γίνει καὶ οἱ κάτοικοι ἐξακολουθοῦν νὰ ταλαιπωροῦνται.

Κύριε διευθυντά, Εἰς τὸ τεῦχος τῆς 4ης Ἰουλίου ἐδημοσιεύθη ἐπιστολὴ διὰ τὸ θέμα τοῦ δρόμου μας. Σήμερον, μετὰ παρέλευσιν τόσου χρόνου, οὐδὲν ἔχει γίνει καὶ οἱ κάτοικοι ἐξακολουθοῦν νὰ ταλαιπωροῦνται.

(Η ΗΛΕΚΤΡΟΠΛΗΞΙΑ ΤΗΣ ΧΑΛΑΣΤΡΑΣ)

Κύριε διευθυντά, Εἰς τὸ τεῦχος τῆς 4ης Ἰουλίου ἐδημοσιεύθη ἐπιστολὴ διὰ τὸ θέμα τοῦ δρόμου μας. Σήμερον, μετὰ παρέλευσιν τόσου χρόνου, οὐδὲν ἔχει γίνει καὶ οἱ κάτοικοι ἐξακολουθοῦν νὰ ταλαιπωροῦνται.

Κύριε διευθυντά, Εἰς τὸ τεῦχος τῆς 4ης Ἰουλίου ἐδημοσιεύθη ἐπιστολὴ διὰ τὸ θέμα τοῦ δρόμου μας. Σήμερον, μετὰ παρέλευσιν τόσου χρόνου, οὐδὲν ἔχει γίνει καὶ οἱ κάτοικοι ἐξακολουθοῦν νὰ ταλαιπωροῦνται.

(Η ΕΞΟΝΤΩΣΙΣ ΤΩΝ ΑΡΚΤΩΝ)

Κύριε διευθυντά, Εἰς τὸ τεῦχος τῆς 4ης Ἰουλίου ἐδημοσιεύθη ἐπιστολὴ διὰ τὸ θέμα τοῦ δρόμου μας. Σήμερον, μετὰ παρέλευσιν τόσου χρόνου, οὐδὲν ἔχει γίνει καὶ οἱ κάτοικοι ἐξακολουθοῦν νὰ ταλαιπωροῦνται.

Κύριε διευθυντά, Εἰς τὸ τεῦχος τῆς 4ης Ἰουλίου ἐδημοσιεύθη ἐπιστολὴ διὰ τὸ θέμα τοῦ δρόμου μας. Σήμερον, μετὰ παρέλευσιν τόσου χρόνου, οὐδὲν ἔχει γίνει καὶ οἱ κάτοικοι ἐξακολουθοῦν νὰ ταλαιπωροῦνται.

Κύριε διευθυντά, Εἰς τὸ τεῦχος τῆς 4ης Ἰουλίου ἐδημοσιεύθη ἐπιστολὴ διὰ τὸ θέμα τοῦ δρόμου μας. Σήμερον, μετὰ παρέλευσιν τόσου χρόνου, οὐδὲν ἔχει γίνει καὶ οἱ κάτοικοι ἐξακολουθοῦν νὰ ταλαιπωροῦνται.

(ΔΕΝ ΜΕΤΕΙΧΕ ΤΗΣ ΔΙΑΔΗΛΩΣΕΩΣ)

Κύριε διευθυντά, Εἰς τὸ τεῦχος τῆς 4ης Ἰουλίου ἐδημοσιεύθη ἐπιστολὴ διὰ τὸ θέμα τοῦ δρόμου μας. Σήμερον, μετὰ παρέλευσιν τόσου χρόνου, οὐδὲν ἔχει γίνει καὶ οἱ κάτοικοι ἐξακολουθοῦν νὰ ταλαιπωροῦνται.

Κύριε διευθυντά, Εἰς τὸ τεῦχος τῆς 4ης Ἰουλίου ἐδημοσιεύθη ἐπιστολὴ διὰ τὸ θέμα τοῦ δρόμου μας. Σήμερον, μετὰ παρέλευσιν τόσου χρόνου, οὐδὲν ἔχει γίνει καὶ οἱ κάτοικοι ἐξακολουθοῦν νὰ ταλαιπωροῦνται.

Κύριε διευθυντά, Εἰς τὸ τεῦχος τῆς 4ης Ἰουλίου ἐδημοσιεύθη ἐπιστολὴ διὰ τὸ θέμα τοῦ δρόμου μας. Σήμερον, μετὰ παρέλευσιν τόσου χρόνου, οὐδὲν ἔχει γίνει καὶ οἱ κάτοικοι ἐξακολουθοῦν νὰ ταλαιπωροῦνται.

(ΕΞΟΙΚΟΝΟΜΗΣΙΣ ΕΠΙΔΟΜΑ ΤΕΚΝΩΝ)

Κύριε διευθυντά, Εἰς τὸ τεῦχος τῆς 4ης Ἰουλίου ἐδημοσιεύθη ἐπιστολὴ διὰ τὸ θέμα τοῦ δρόμου μας. Σήμερον, μετὰ παρέλευσιν τόσου χρόνου, οὐδὲν ἔχει γίνει καὶ οἱ κάτοικοι ἐξακολουθοῦν νὰ ταλαιπωροῦνται.

Κύριε διευθυντά, Εἰς τὸ τεῦχος τῆς 4ης Ἰουλίου ἐδημοσιεύθη ἐπιστολὴ διὰ τὸ θέμα τοῦ δρόμου μας. Σήμερον, μετὰ παρέλευσιν τόσου χρόνου, οὐδὲν ἔχει γίνει καὶ οἱ κάτοικοι ἐξακολουθοῦν νὰ ταλαιπωροῦνται.

(ΕΠΑΓΓΕΛΜΑΤΙΑΙ ΚΑΙ ΤΟ ΕΝΟΙΚΙΟΣΤΑΣΙΟΝ)

Κύριε διευθυντά, Εἰς τὸ τεῦχος τῆς 4ης Ἰουλίου ἐδημοσιεύθη ἐπιστολὴ διὰ τὸ θέμα τοῦ δρόμου μας. Σήμερον, μετὰ παρέλευσιν τόσου χρόνου, οὐδὲν ἔχει γίνει καὶ οἱ κάτοικοι ἐξακολουθοῦν νὰ ταλαιπωροῦνται.

Κύριε διευθυντά, Εἰς τὸ τεῦχος τῆς 4ης Ἰουλίου ἐδημοσιεύθη ἐπιστολὴ διὰ τὸ θέμα τοῦ δρόμου μας. Σήμερον, μετὰ παρέλευσιν τόσου χρόνου, οὐδὲν ἔχει γίνει καὶ οἱ κάτοικοι ἐξακολουθοῦν νὰ ταλαιπωροῦνται.

Κύριε διευθυντά, Εἰς τὸ τεῦχος τῆς 4ης Ἰουλίου ἐδημοσιεύθη ἐπιστολὴ διὰ τὸ θέμα τοῦ δρόμου μας. Σήμερον, μετὰ παρέλευσιν τόσου χρόνου, οὐδὲν ἔχει γίνει καὶ οἱ κάτοικοι ἐξακολουθοῦν νὰ ταλαιπωροῦνται.

ΔΟΡΙΣΜΟΙ ΠΡΩΤΟΔΙΚΩΝ

Κύριε διευθυντά, Εἰς τὸ τεῦχος τῆς 4ης Ἰουλίου ἐδημοσιεύθη ἐπιστολὴ διὰ τὸ θέμα τοῦ δρόμου μας. Σήμερον, μετὰ παρέλευσιν τόσου χρόνου, οὐδὲν ἔχει γίνει καὶ οἱ κάτοικοι ἐξακολουθοῦν νὰ ταλαιπωροῦνται.

ΔΙΕΘΝΕΣ ΣΥΝΕΔΡΙΟΝ ΦΑΡΜΑΚΕΥΤΙΚΗΣ

Κύριε διευθυντά, Εἰς τὸ τεῦχος τῆς 4ης Ἰουλίου ἐδημοσιεύθη ἐπιστολὴ διὰ τὸ θέμα τοῦ δρόμου μας. Σήμερον, μετὰ παρέλευσιν τόσου χρόνου, οὐδὲν ἔχει γίνει καὶ οἱ κάτοικοι ἐξακολουθοῦν νὰ ταλαιπωροῦνται.

ΝΕΑ ΔΙΟΙΚΗΣΙΣ ΣΥΝΕΤΑΙΡΙΣΜΟΥ

Κύριε διευθυντά, Εἰς τὸ τεῦχος τῆς 4ης Ἰουλίου ἐδημοσιεύθη ἐπιστολὴ διὰ τὸ θέμα τοῦ δρόμου μας. Σήμερον, μετὰ παρέλευσιν τόσου χρόνου, οὐδὲν ἔχει γίνει καὶ οἱ κάτοικοι ἐξακολουθοῦν νὰ ταλαιπωροῦνται.

Κύριε διευθυντά, Εἰς τὸ τεῦχος τῆς 4ης Ἰουλίου ἐδημοσιεύθη ἐπιστολὴ διὰ τὸ θέμα τοῦ δρόμου μας. Σήμερον, μετὰ παρέλευσιν τόσου χρόνου, οὐδὲν ἔχει γίνει καὶ οἱ κάτοικοι ἐξακολουθοῦν νὰ ταλαιπωροῦνται.

ΣΥΝΕΧΕΙΑ εἰς τὴν 15ην σελίδα
ΠΡΟΣΦΕΡΕΙ ΤΗΝ ΘΥΓΑΤΕΡΑ ΤΗΣ ΕΝΑΝΤΙ ΜΙΑΣ ΟΙΚΙΑΣ
Ἡ μητέρα αὐτὴ προσφέρει τὸ μικρότερον παιδί της ἐναντι μιᾶς οἰκίας εἰς τὴν Αἴγυπτον.
ΓΙΓΑΝΤΙΑΙΟΝ ΦΡΑΓΜΑ ΕΤΟΙΜΑΖΟΥΝ Η ΡΟΥΜΑΝΙΑ ΚΑΙ Η ΓΙΟΥΓΚΟΣΛΑΒΙΑ ΕΙΣ ΤΗΝ ΣΙΔΗΡΑΝ ΠΥΛΗΝ
Σοβιετικοὶ μηχανικοὶ
ἐργάζονται ἐπὶ τόπου

ΛΟΝΔΙΝΟΝ, 8. (Τοῦ μονίμου ἀνταποκριτοῦ μας). — Ἐνα ἐκ τῶν μεγαλυτέρων ἔργων εἰς τὴν Εὐρώπην, τὸ φράγμα τῆς Σιδηρᾶς Πύλης εἰς τὸν Δούναβιν, πρόκειται νὰ κατασκευασθῇ ὑπὸ τῆς Ρουμανίας καὶ τῆς Γιουγκοσλαβίας μὲ τὴν βοήθειαν σοβιετικῶν μηχανικῶν.

ΛΟΝΔΙΝΟΝ, 8. (Τοῦ μονίμου ἀνταποκριτοῦ μας). — Ἐνα ἐκ τῶν μεγαλυτέρων ἔργων εἰς τὴν Εὐρώπην, τὸ φράγμα τῆς Σιδηρᾶς Πύλης εἰς τὸν Δούναβιν, πρόκειται νὰ κατασκευασθῇ ὑπὸ τῆς Ρουμανίας καὶ τῆς Γιουγκοσλαβίας μὲ τὴν βοήθειαν σοβιετικῶν μηχανικῶν.

ΛΟΝΔΙΝΟΝ, 8. (Τοῦ μονίμου ἀνταποκριτοῦ μας). — Ἐνα ἐκ τῶν μεγαλυτέρων ἔργων εἰς τὴν Εὐρώπην, τὸ φράγμα τῆς Σιδηρᾶς Πύλης εἰς τὸν Δούναβιν, πρόκειται νὰ κατασκευασθῇ ὑπὸ τῆς Ρουμανίας καὶ τῆς Γιουγκοσλαβίας μὲ τὴν βοήθειαν σοβιετικῶν μηχανικῶν.

ΛΟΝΔΙΝΟΝ, 8. (Τοῦ μονίμου ἀνταποκριτοῦ μας). — Ἐνα ἐκ τῶν μεγαλυτέρων ἔργων εἰς τὴν Εὐρώπην, τὸ φράγμα τῆς Σιδηρᾶς Πύλης εἰς τὸν Δούναβιν, πρόκειται νὰ κατασκευασθῇ ὑπὸ τῆς Ρουμανίας καὶ τῆς Γιουγκοσλαβίας μὲ τὴν βοήθειαν σοβιετικῶν μηχανικῶν.

ΛΟΝΔΙΝΟΝ, 8. (Τοῦ μονίμου ἀνταποκριτοῦ μας). — Ἐνα ἐκ τῶν μεγαλυτέρων ἔργων εἰς τὴν Εὐρώπην, τὸ φράγμα τῆς Σιδηρᾶς Πύλης εἰς τὸν Δούναβιν, πρόκειται νὰ κατασκευασθῇ ὑπὸ τῆς Ρουμανίας καὶ τῆς Γιουγκοσλαβίας μὲ τὴν βοήθειαν σοβιετικῶν μηχανικῶν.

Κ. ΧΑΤΖΗΓΑΡΓΥΡΗΣ
ΚΑΤΕΔΙΚΑΣΘΗ Ο ΓΕΡΩΝ ΟΠΩΡΟΠΩΛΗΣ Ο ΤΡΑΥΜΑΤΙΣΑΣ ΠΩΛΗΤΡΙΑΝ ΤΩΝ ΑΘΗΝΩΝ ΔΙΟΤΙ ΤΟΝ ΕΚΑΜΕ «ΜΑΓΙΑ» ΚΑΙ «ΞΟΡΚΙΑ»

ΛΟΝΔΙΝΟΝ, 8. (Τοῦ μονίμου ἀνταποκριτοῦ μας). — Ἐνα ἐκ τῶν μεγαλυτέρων ἔργων εἰς τὴν Εὐρώπην, τὸ φράγμα τῆς Σιδηρᾶς Πύλης εἰς τὸν Δούναβιν, πρόκειται νὰ κατασκευασθῇ ὑπὸ τῆς Ρουμανίας καὶ τῆς Γιουγκοσλαβίας μὲ τὴν βοήθειαν σοβιετικῶν μηχανικῶν.

ΛΟΝΔΙΝΟΝ, 8. (Τοῦ μονίμου ἀνταποκριτοῦ μας). — Ἐνα ἐκ τῶν μεγαλυτέρων ἔργων εἰς τὴν Εὐρώπην, τὸ φράγμα τῆς Σιδηρᾶς Πύλης εἰς τὸν Δούναβιν, πρόκειται νὰ κατασκευασθῇ ὑπὸ τῆς Ρουμανίας καὶ τῆς Γιουγκοσλαβίας μὲ τὴν βοήθειαν σοβιετικῶν μηχανικῶν.

ΕΙΣ ΕΝ ΕΚΑΤΟΜΜ. ΑΝΕΡΧΕΤΑΙ Η ΚΑΤΑΧΡΗΣΙΣ Η ΑΠΟΚΑΛΥΦΘΕΙΣΑ ΕΙΣ ΤΟΝ Ο.Γ.Α. ΛΑΡΙΣΗΣ

ΛΟΝΔΙΝΟΝ, 8. (Τοῦ μονίμου ἀνταποκριτοῦ μας). — Ἐνα ἐκ τῶν μεγαλυτέρων ἔργων εἰς τὴν Εὐρώπην, τὸ φράγμα τῆς Σιδηρᾶς Πύλης εἰς τὸν Δούναβιν, πρόκειται νὰ κατασκευασθῇ ὑπὸ τῆς Ρουμανίας καὶ τῆς Γιουγκοσλαβίας μὲ τὴν βοήθειαν σοβιετικῶν μηχανικῶν.

ΛΟΝΔΙΝΟΝ, 8. (Τοῦ μονίμου ἀνταποκριτοῦ μας). — Ἐνα ἐκ τῶν μεγαλυτέρων ἔργων εἰς τὴν Εὐρώπην, τὸ φράγμα τῆς Σιδηρᾶς Πύλης εἰς τὸν Δούναβιν, πρόκειται νὰ κατασκευασθῇ ὑπὸ τῆς Ρουμανίας καὶ τῆς Γιουγκοσλαβίας μὲ τὴν βοήθειαν σοβιετικῶν μηχανικῶν.

ΕΝ ΠΕΡΙΕΡΓΟΝ ΝΟΜΙΚΟΝ ΠΡΟΒΛΗΜΑ
Ἀγγλικὸν δικαστήριον θεωρεῖ νόμιμον τὸν γάμον θείου καὶ ἀνεψιᾶς καὶ ἀρνεῖται νὰ ἐκδώσῃ τὸ διαζύγιον
ΔΙΟΤΙ ΤΟ ΜΥΣΤΗΡΙΟΝ ΕΙΧΕ ΤΕΛΕΣΘΗ
ΣΥΜΦΩΝΩΣ ΠΡΟΣ ΕΒΡΑΪΚΟΝ ΝΟΜΟΝ
Ἡ σύζυγος ὅμως ἐπιμένει νὰ διαζευχθῇ...

ΛΟΝΔΙΝΟΝ, 8. (Τοῦ μονίμου ἀνταποκριτοῦ μας). — Ἐνα ἐκ τῶν μεγαλυτέρων ἔργων εἰς τὴν Εὐρώπην, τὸ φράγμα τῆς Σιδηρᾶς Πύλης εἰς τὸν Δούναβιν, πρόκειται νὰ κατασκευασθῇ ὑπὸ τῆς Ρουμανίας καὶ τῆς Γιουγκοσλαβίας μὲ τὴν βοήθειαν σοβιετικῶν μηχανικῶν.

ΛΟΝΔΙΝΟΝ, 8. (Τοῦ μονίμου ἀνταποκριτοῦ μας). — Ἐνα ἐκ τῶν μεγαλυτέρων ἔργων εἰς τὴν Εὐρώπην, τὸ φράγμα τῆς Σιδηρᾶς Πύλης εἰς τὸν Δούναβιν, πρόκειται νὰ κατασκευασθῇ ὑπὸ τῆς Ρουμανίας καὶ τῆς Γιουγκοσλαβίας μὲ τὴν βοήθειαν σοβιετικῶν μηχανικῶν.

ΝΟΜΙΚΟΝ ΠΡΟΒΛΗΜΑ

ΛΟΝΔΙΝΟΝ, 8. (Τοῦ μονίμου ἀνταποκριτοῦ μας). — Ἐνα ἐκ τῶν μεγαλυτέρων ἔργων εἰς τὴν Εὐρώπην, τὸ φράγμα τῆς Σιδηρᾶς Πύλης εἰς τὸν Δούναβιν, πρόκειται νὰ κατασκευασθῇ ὑπὸ τῆς Ρουμανίας καὶ τῆς Γιουγκοσλαβίας μὲ τὴν βοήθειαν σοβιετικῶν μηχανικῶν.

ΛΟΝΔΙΝΟΝ, 8. (Τοῦ μονίμου ἀνταποκριτοῦ μας). — Ἐνα ἐκ τῶν μεγαλυτέρων ἔργων εἰς τὴν Εὐρώπην, τὸ φράγμα τῆς Σιδηρᾶς Πύλης εἰς τὸν Δούναβιν, πρόκειται νὰ κατασκευασθῇ ὑπὸ τῆς Ρουμανίας καὶ τῆς Γιουγκοσλαβίας μὲ τὴν βοήθειαν σοβιετικῶν μηχανικῶν.

ΛΟΝΔΙΝΟΝ, 8. (Τοῦ μονίμου ἀνταποκριτοῦ μας). — Ἐνα ἐκ τῶν μεγαλυτέρων ἔργων εἰς τὴν Εὐρώπην, τὸ φράγμα τῆς Σιδηρᾶς Πύλης εἰς τὸν Δούναβιν, πρόκειται νὰ κατασκευασθῇ ὑπὸ τῆς Ρουμανίας καὶ τῆς Γιουγκοσλαβίας μὲ τὴν βοήθειαν σοβιετικῶν μηχανικῶν.

Η ΔΙΑΣΤΑΣΙΣ

ΛΟΝΔΙΝΟΝ, 8. (Τοῦ μονίμου ἀνταποκριτοῦ μας). — Ἐνα ἐκ τῶν μεγαλυτέρων ἔργων εἰς τὴν Εὐρώπην, τὸ φράγμα τῆς Σιδηρᾶς Πύλης εἰς τὸν Δούναβιν, πρόκειται νὰ κατασκευασθῇ ὑπὸ τῆς Ρουμανίας καὶ τῆς Γιουγκοσλαβίας μὲ τὴν βοήθειαν σοβιετικῶν μηχανικῶν.

ΛΟΝΔΙΝΟΝ, 8. (Τοῦ μονίμου ἀνταποκριτοῦ μας). — Ἐνα ἐκ τῶν μεγαλυτέρων ἔργων εἰς τὴν Εὐρώπην, τὸ φράγμα τῆς Σιδηρᾶς Πύλης εἰς τὸν Δούναβιν, πρόκειται νὰ κατασκευασθῇ ὑπὸ τῆς Ρουμανίας καὶ τῆς Γιουγκοσλαβίας μὲ τὴν βοήθειαν σοβιετικῶν μηχανικῶν.

ΛΟΝΔΙΝΟΝ, 8. (Τοῦ μονίμου ἀνταποκριτοῦ μας). — Ἐνα ἐκ τῶν μεγαλυτέρων ἔργων εἰς τὴν Εὐρώπην, τὸ φράγμα τῆς Σιδηρᾶς Πύλης εἰς τὸν Δούναβιν, πρόκειται νὰ κατασκευασθῇ ὑπὸ τῆς Ρουμανίας καὶ τῆς Γιουγκοσλαβίας μὲ τὴν βοήθειαν σοβιετικῶν μηχανικῶν.

ΚΑΙΡΟΣ ΠΡΟΣΗΓΟΡΙΚΗΣ

ΛΟΝΔΙΝΟΝ, 8. (Τοῦ μονίμου ἀνταποκριτοῦ μας). — Ἐνα ἐκ τῶν μεγαλυτέρων ἔργων εἰς τὴν Εὐρώπην, τὸ φράγμα τῆς Σιδηρᾶς Πύλης εἰς τὸν Δούναβιν, πρόκειται νὰ κατασκευασθῇ ὑπὸ τῆς Ρουμανίας καὶ τῆς Γιουγκοσλαβίας μὲ τὴν βοήθειαν σοβιετικῶν μηχανικῶν.

ΛΟΝΔΙΝΟΝ, 8. (Τοῦ μονίμου ἀνταποκριτοῦ μας). — Ἐνα ἐκ τῶν μεγαλυτέρων ἔργων εἰς τὴν Εὐρώπην, τὸ φράγμα τῆς Σιδηρᾶς Πύλης εἰς τὸν Δούναβιν, πρόκειται νὰ κατασκευασθῇ ὑπὸ τῆς Ρουμανίας καὶ τῆς Γιουγκοσλαβίας μὲ τὴν βοήθειαν σοβιετικῶν μηχανικῶν.

ΛΟΝΔΙΝΟΝ, 8. (Τοῦ μονίμου ἀνταποκριτοῦ μας). — Ἐνα ἐκ τῶν μεγαλυτέρων ἔργων εἰς τὴν Εὐρώπην, τὸ φράγμα τῆς Σιδηρᾶς Πύλης εἰς τὸν Δούναβιν, πρόκειται νὰ κατασκευασθῇ ὑπὸ τῆς Ρουμανίας καὶ τῆς Γιουγκοσλαβίας μὲ τὴν βοήθειαν σοβιετικῶν μηχανικῶν.

ΛΟΝΔΙΝΟΝ, 8. (Τοῦ μονίμου ἀνταποκριτοῦ μας). — Ἐνα ἐκ τῶν μεγαλυτέρων ἔργων εἰς τὴν Εὐρώπην, τὸ φράγμα τῆς Σιδηρᾶς Πύλης εἰς τὸν Δούναβιν, πρόκειται νὰ κατασκευασθῇ ὑπὸ τῆς Ρουμανίας καὶ τῆς Γιουγκοσλαβίας μὲ τὴν βοήθειαν σοβιετικῶν μηχανικῶν.
